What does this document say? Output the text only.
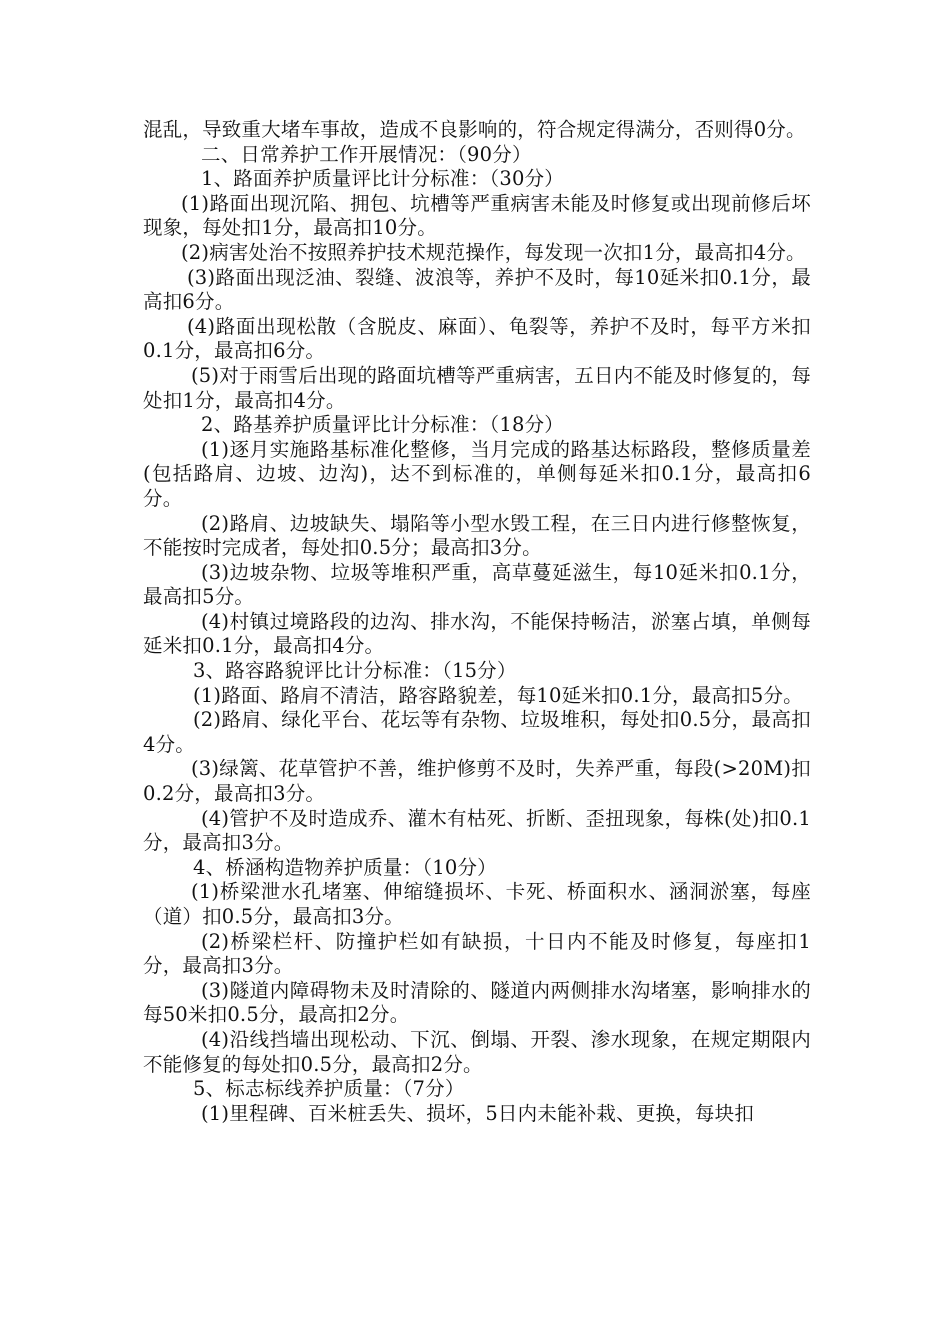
混乱，导致重大堵车事故，造成不良影响的，符合规定得满分，否则得0分。

二、日常养护工作开展情况：（90分）

1、路面养护质量评比计分标准：（30分）

(1)路面出现沉陷、拥包、坑槽等严重病害未能及时修复或出现前修后坏现象，每处扣1分，最高扣10分。

(2)病害处治不按照养护技术规范操作，每发现一次扣1分，最高扣4分。

(3)路面出现泛油、裂缝、波浪等，养护不及时，每10延米扣0.1分，最高扣6分。

(4)路面出现松散（含脱皮、麻面）、龟裂等，养护不及时，每平方米扣0.1分，最高扣6分。

(5)对于雨雪后出现的路面坑槽等严重病害，五日内不能及时修复的，每处扣1分，最高扣4分。

2、路基养护质量评比计分标准：（18分）

(1)逐月实施路基标准化整修，当月完成的路基达标路段，整修质量差(包括路肩、边坡、边沟)，达不到标准的，单侧每延米扣0.1分，最高扣6分。

(2)路肩、边坡缺失、塌陷等小型水毁工程，在三日内进行修整恢复，不能按时完成者，每处扣0.5分；最高扣3分。

(3)边坡杂物、垃圾等堆积严重，高草蔓延滋生，每10延米扣0.1分，最高扣5分。

(4)村镇过境路段的边沟、排水沟，不能保持畅洁，淤塞占填，单侧每延米扣0.1分，最高扣4分。

3、路容路貌评比计分标准：（15分）

(1)路面、路肩不清洁，路容路貌差，每10延米扣0.1分，最高扣5分。

(2)路肩、绿化平台、花坛等有杂物、垃圾堆积，每处扣0.5分，最高扣4分。

(3)绿篱、花草管护不善，维护修剪不及时，失养严重，每段(>20M)扣0.2分，最高扣3分。

(4)管护不及时造成乔、灌木有枯死、折断、歪扭现象，每株(处)扣0.1分，最高扣3分。

4、桥涵构造物养护质量：（10分）

(1)桥梁泄水孔堵塞、伸缩缝损坏、卡死、桥面积水、涵洞淤塞，每座（道）扣0.5分，最高扣3分。

(2)桥梁栏杆、防撞护栏如有缺损，十日内不能及时修复，每座扣1分，最高扣3分。

(3)隧道内障碍物未及时清除的、隧道内两侧排水沟堵塞，影响排水的每50米扣0.5分，最高扣2分。

(4)沿线挡墙出现松动、下沉、倒塌、开裂、渗水现象，在规定期限内不能修复的每处扣0.5分，最高扣2分。

5、标志标线养护质量：（7分）

(1)里程碑、百米桩丢失、损坏，5日内未能补栽、更换，每块扣
